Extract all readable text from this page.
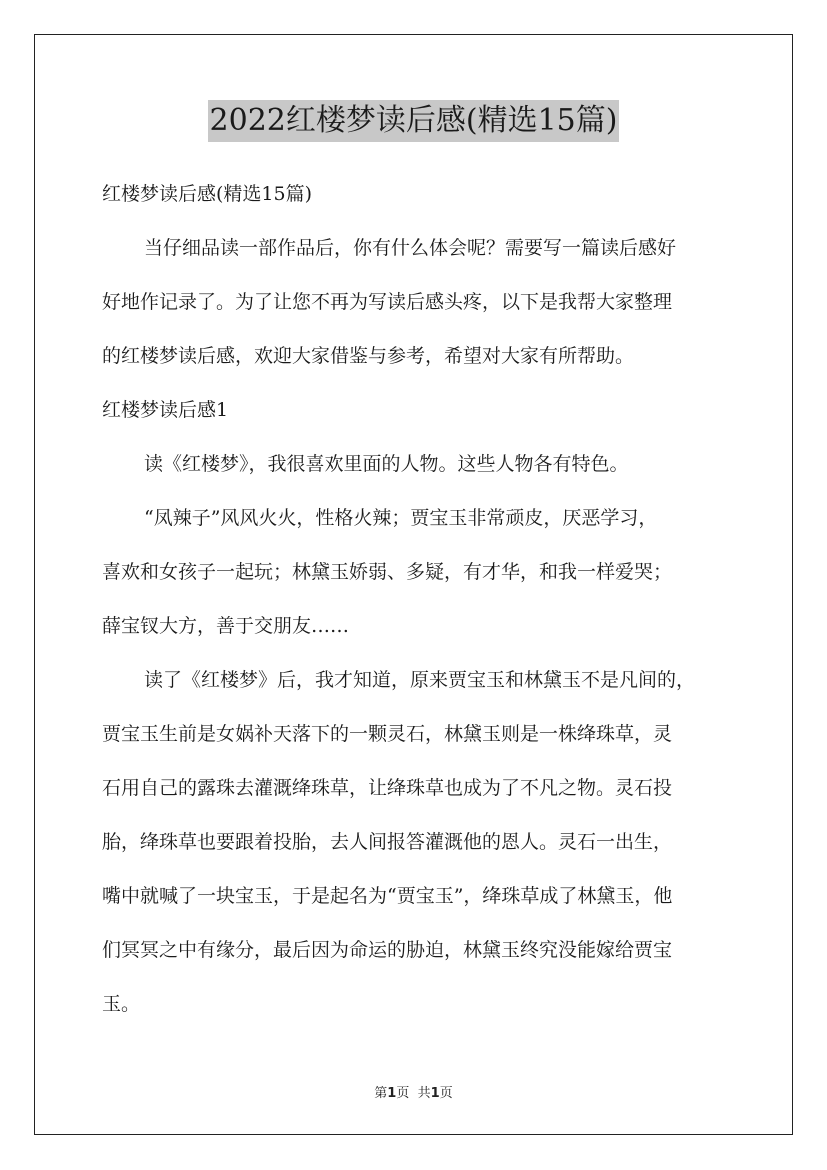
2022红楼梦读后感(精选15篇)
红楼梦读后感(精选15篇)
当仔细品读一部作品后，你有什么体会呢？需要写一篇读后感好
好地作记录了。为了让您不再为写读后感头疼，以下是我帮大家整理
的红楼梦读后感，欢迎大家借鉴与参考，希望对大家有所帮助。
红楼梦读后感1
读《红楼梦》，我很喜欢里面的人物。这些人物各有特色。
“凤辣子”风风火火，性格火辣；贾宝玉非常顽皮，厌恶学习，
喜欢和女孩子一起玩；林黛玉娇弱、多疑，有才华，和我一样爱哭；
薛宝钗大方，善于交朋友……
读了《红楼梦》后，我才知道，原来贾宝玉和林黛玉不是凡间的，
贾宝玉生前是女娲补天落下的一颗灵石，林黛玉则是一株绛珠草，灵
石用自己的露珠去灌溉绛珠草，让绛珠草也成为了不凡之物。灵石投
胎，绛珠草也要跟着投胎，去人间报答灌溉他的恩人。灵石一出生，
嘴中就喊了一块宝玉，于是起名为“贾宝玉”，绛珠草成了林黛玉，他
们冥冥之中有缘分，最后因为命运的胁迫，林黛玉终究没能嫁给贾宝
玉。
第1页 共1页
